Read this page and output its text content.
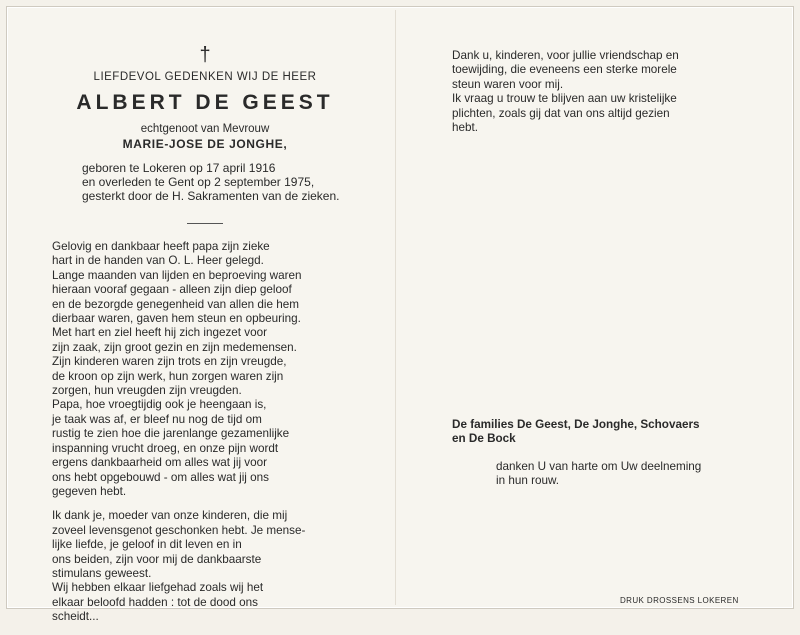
†
LIEFDEVOL GEDENKEN WIJ DE HEER
ALBERT DE GEEST
echtgenoot van Mevrouw
MARIE-JOSE DE JONGHE,
geboren te Lokeren op 17 april 1916
en overleden te Gent op 2 september 1975,
gesterkt door de H. Sakramenten van de zieken.
Gelovig en dankbaar heeft papa zijn zieke
hart in de handen van O. L. Heer gelegd.
Lange maanden van lijden en beproeving waren
hieraan vooraf gegaan - alleen zijn diep geloof
en de bezorgde genegenheid van allen die hem
dierbaar waren, gaven hem steun en opbeuring.
Met hart en ziel heeft hij zich ingezet voor
zijn zaak, zijn groot gezin en zijn medemensen.
Zijn kinderen waren zijn trots en zijn vreugde,
de kroon op zijn werk, hun zorgen waren zijn
zorgen, hun vreugden zijn vreugden.
Papa, hoe vroegtijdig ook je heengaan is,
je taak was af, er bleef nu nog de tijd om
rustig te zien hoe die jarenlange gezamenlijke
inspanning vrucht droeg, en onze pijn wordt
ergens dankbaarheid om alles wat jij voor
ons hebt opgebouwd - om alles wat jij ons
gegeven hebt.
Ik dank je, moeder van onze kinderen, die mij
zoveel levensgenot geschonken hebt. Je mense-
lijke liefde, je geloof in dit leven en in
ons beiden, zijn voor mij de dankbaarste
stimulans geweest.
Wij hebben elkaar liefgehad zoals wij het
elkaar beloofd hadden : tot de dood ons
scheidt...
Dank u, kinderen, voor jullie vriendschap en
toewijding, die eveneens een sterke morele
steun waren voor mij.
Ik vraag u trouw te blijven aan uw kristelijke
plichten, zoals gij dat van ons altijd gezien
hebt.
De families De Geest, De Jonghe, Schovaers
en De Bock
danken U van harte om Uw deelneming
in hun rouw.
DRUK DROSSENS LOKEREN
